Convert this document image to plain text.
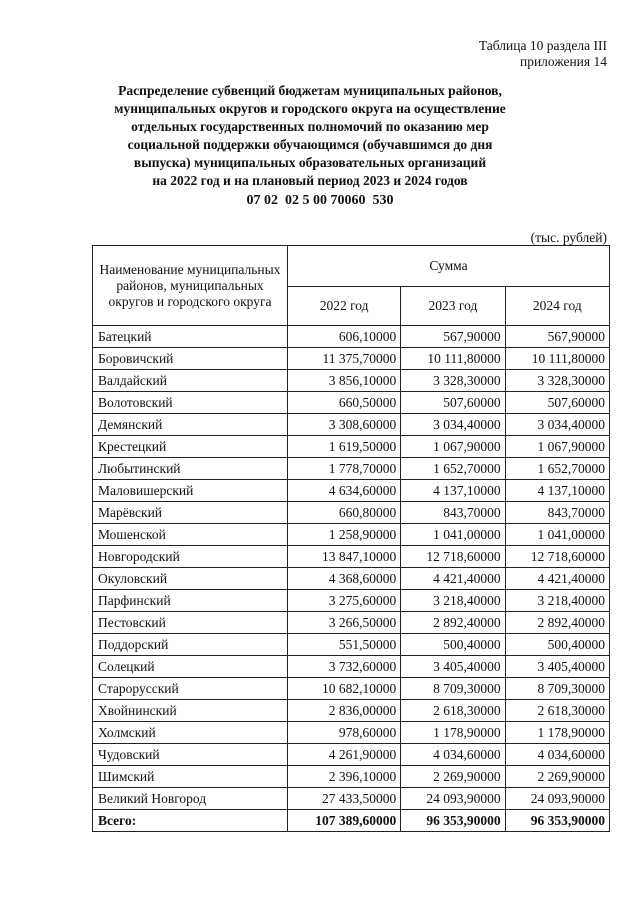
Таблица 10 раздела III
приложения 14
Распределение субвенций бюджетам муниципальных районов,
муниципальных округов и городского округа на осуществление
отдельных государственных полномочий по оказанию мер
социальной поддержки обучающимся (обучавшимся до дня
выпуска) муниципальных образовательных организаций
на 2022 год и на плановый период 2023 и 2024 годов
07 02  02 5 00 70060  530
(тыс. рублей)
Наименование муниципальных районов, муниципальных округов и городского округа	Сумма		
	2022 год	2023 год	2024 год
Батецкий	606,10000	567,90000	567,90000
Боровичский	11 375,70000	10 111,80000	10 111,80000
Валдайский	3 856,10000	3 328,30000	3 328,30000
Волотовский	660,50000	507,60000	507,60000
Демянский	3 308,60000	3 034,40000	3 034,40000
Крестецкий	1 619,50000	1 067,90000	1 067,90000
Любытинский	1 778,70000	1 652,70000	1 652,70000
Маловишерский	4 634,60000	4 137,10000	4 137,10000
Марёвский	660,80000	843,70000	843,70000
Мошенской	1 258,90000	1 041,00000	1 041,00000
Новгородский	13 847,10000	12 718,60000	12 718,60000
Окуловский	4 368,60000	4 421,40000	4 421,40000
Парфинский	3 275,60000	3 218,40000	3 218,40000
Пестовский	3 266,50000	2 892,40000	2 892,40000
Поддорский	551,50000	500,40000	500,40000
Солецкий	3 732,60000	3 405,40000	3 405,40000
Старорусский	10 682,10000	8 709,30000	8 709,30000
Хвойнинский	2 836,00000	2 618,30000	2 618,30000
Холмский	978,60000	1 178,90000	1 178,90000
Чудовский	4 261,90000	4 034,60000	4 034,60000
Шимский	2 396,10000	2 269,90000	2 269,90000
Великий Новгород	27 433,50000	24 093,90000	24 093,90000
Всего:	107 389,60000	96 353,90000	96 353,90000
